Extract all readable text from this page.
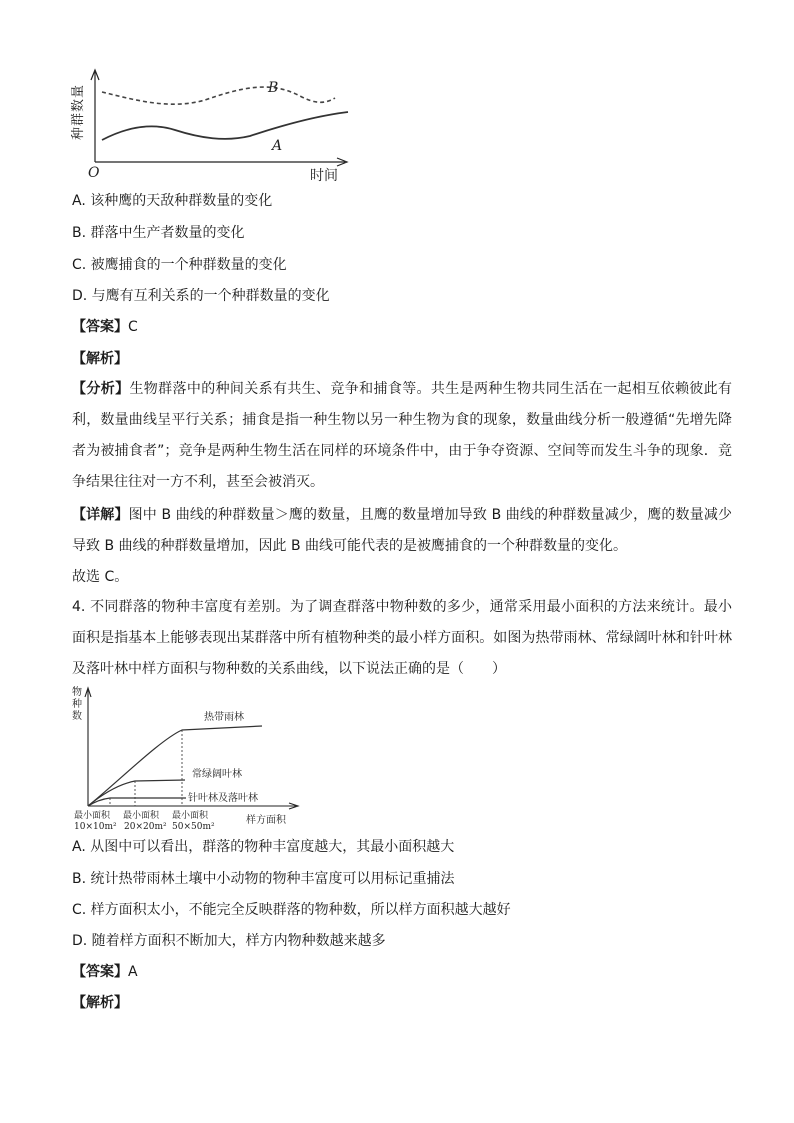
B
A
O	时间
种群数量
A. 该种鹰的天敌种群数量的变化
B. 群落中生产者数量的变化
C. 被鹰捕食的一个种群数量的变化
D. 与鹰有互利关系的一个种群数量的变化
【答案】C
【解析】
【分析】生物群落中的种间关系有共生、竞争和捕食等。共生是两种生物共同生活在一起相互依赖彼此有利，数量曲线呈平行关系；捕食是指一种生物以另一种生物为食的现象，数量曲线分析一般遵循“先增先降者为被捕食者”；竞争是两种生物生活在同样的环境条件中，由于争夺资源、空间等而发生斗争的现象．竞争结果往往对一方不利，甚至会被消灭。
【详解】图中 B 曲线的种群数量＞鹰的数量，且鹰的数量增加导致 B 曲线的种群数量减少，鹰的数量减少导致 B 曲线的种群数量增加，因此 B 曲线可能代表的是被鹰捕食的一个种群数量的变化。
故选 C。
4. 不同群落的物种丰富度有差别。为了调查群落中物种数的多少，通常采用最小面积的方法来统计。最小面积是指基本上能够表现出某群落中所有植物种类的最小样方面积。如图为热带雨林、常绿阔叶林和针叶林及落叶林中样方面积与物种数的关系曲线，以下说法正确的是（　　）
物
种
数	热带雨林
常绿阔叶林
针叶林及落叶林
最小面积 最小面积 最小面积
10×10m² 20×20m² 50×50m²
样方面积
A. 从图中可以看出，群落的物种丰富度越大，其最小面积越大
B. 统计热带雨林土壤中小动物的物种丰富度可以用标记重捕法
C. 样方面积太小，不能完全反映群落的物种数，所以样方面积越大越好
D. 随着样方面积不断加大，样方内物种数越来越多
【答案】A
【解析】
